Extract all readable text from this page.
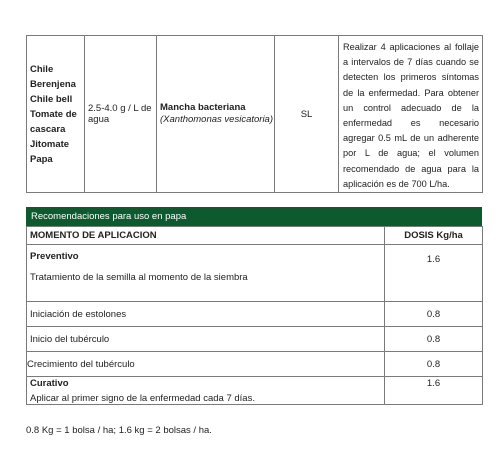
Chile
Berenjena
Chile bell
Tomate de
cascara
Jitomate
Papa
	2.5-4.0 g / L de agua	
Mancha bacteriana
(Xanthomonas vesicatoria)	SL	Realizar 4 aplicaciones al follaje a intervalos de 7 días cuando se detecten los primeros síntomas de la enfermedad. Para obtener un control adecuado de la enfermedad es necesario agregar 0.5 mL de un adherente por L de agua; el volumen recomendado de agua para la aplicación es de 700 L/ha.
Recomendaciones para uso en papa
MOMENTO DE APLICACION	DOSIS Kg/ha

Preventivo
Tratamiento de la semilla al momento de la siembra	1.6

Iniciación de estolones	0.8
Inicio del tubérculo	0.8
Crecimiento del tubérculo	0.8

Curativo
Aplicar al primer signo de la enfermedad cada 7 días.	1.6
0.8 Kg = 1 bolsa / ha; 1.6 kg = 2 bolsas / ha.
